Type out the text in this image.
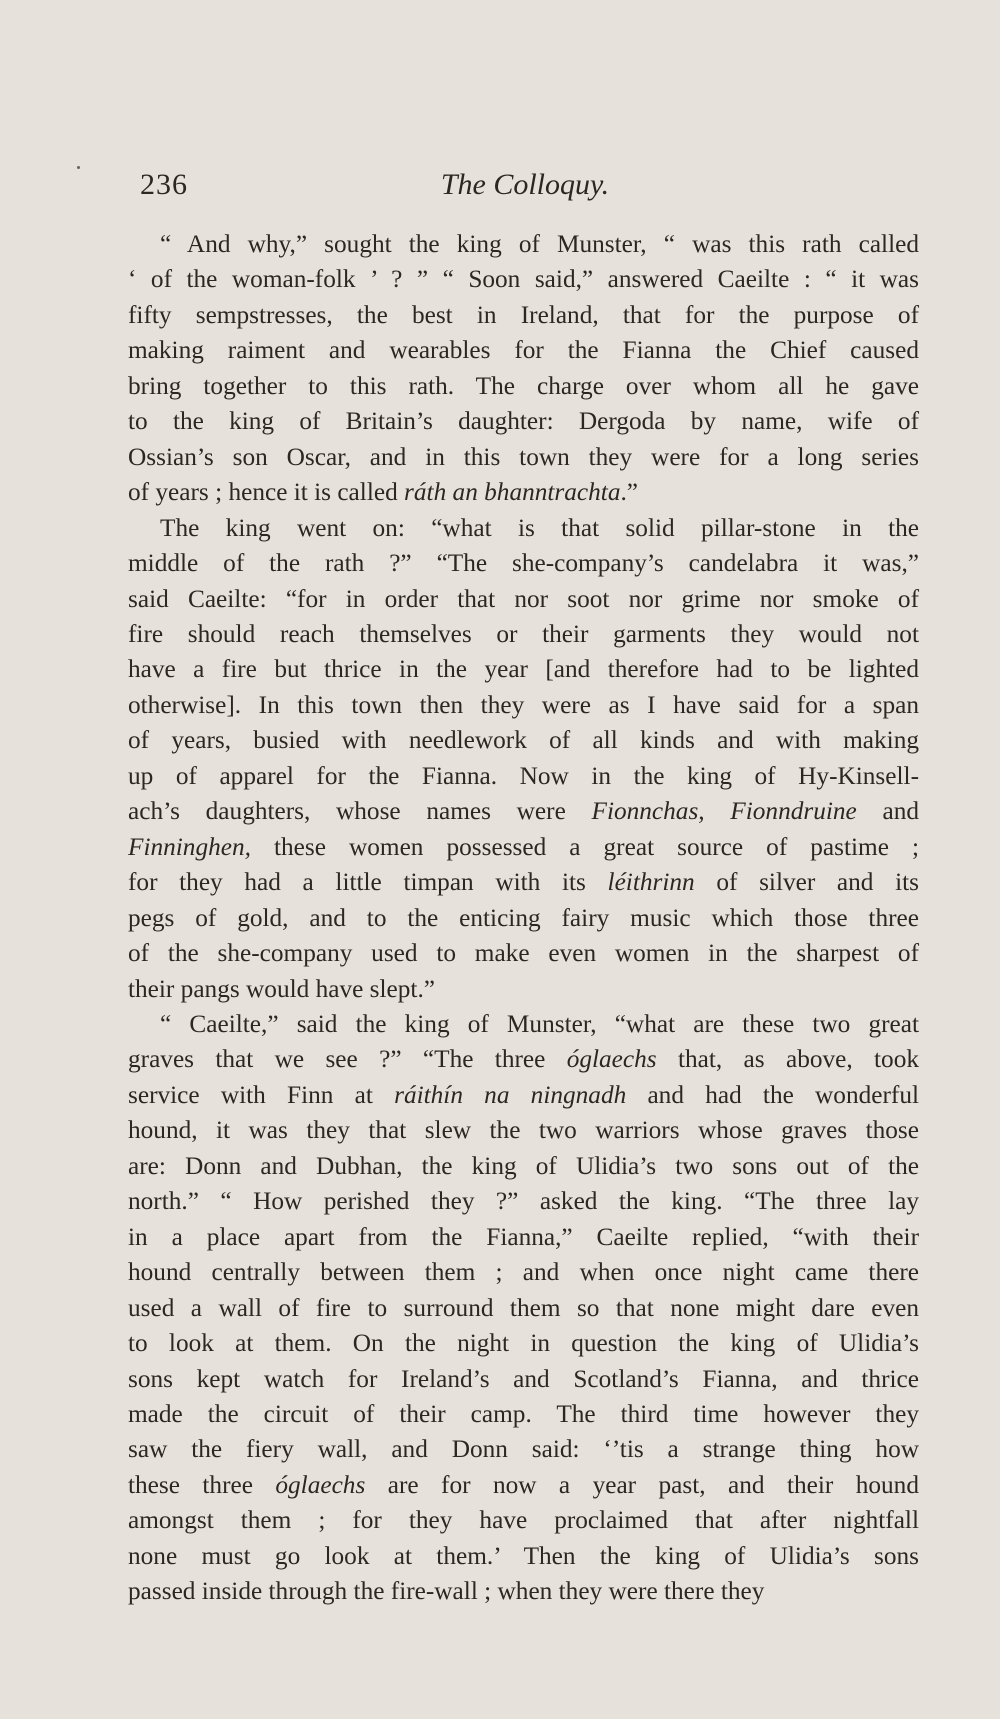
236	The Colloquy.

“ And why,” sought the king of Munster, “ was this rath called
‘ of the woman-folk ’ ? ” “ Soon said,” answered Caeilte : “ it was
fifty sempstresses, the best in Ireland, that for the purpose of
making raiment and wearables for the Fianna the Chief caused
bring together to this rath. The charge over whom all he gave
to the king of Britain’s daughter: Dergoda by name, wife of
Ossian’s son Oscar, and in this town they were for a long series
of years ; hence it is called ráth an bhanntrachta.”

The king went on: “what is that solid pillar-stone in the
middle of the rath ?” “The she-company’s candelabra it was,”
said Caeilte: “for in order that nor soot nor grime nor smoke of
fire should reach themselves or their garments they would not
have a fire but thrice in the year [and therefore had to be lighted
otherwise]. In this town then they were as I have said for a span
of years, busied with needlework of all kinds and with making
up of apparel for the Fianna. Now in the king of Hy-Kinsell-
ach’s daughters, whose names were Fionnchas, Fionndruine and
Finninghen, these women possessed a great source of pastime ;
for they had a little timpan with its léithrinn of silver and its
pegs of gold, and to the enticing fairy music which those three
of the she-company used to make even women in the sharpest of
their pangs would have slept.”

“ Caeilte,” said the king of Munster, “what are these two great
graves that we see ?” “The three óglaechs that, as above, took
service with Finn at ráithín na ningnadh and had the wonderful
hound, it was they that slew the two warriors whose graves those
are: Donn and Dubhan, the king of Ulidia’s two sons out of the
north.” “ How perished they ?” asked the king. “The three lay
in a place apart from the Fianna,” Caeilte replied, “with their
hound centrally between them ; and when once night came there
used a wall of fire to surround them so that none might dare even
to look at them. On the night in question the king of Ulidia’s
sons kept watch for Ireland’s and Scotland’s Fianna, and thrice
made the circuit of their camp. The third time however they
saw the fiery wall, and Donn said: ‘’tis a strange thing how
these three óglaechs are for now a year past, and their hound
amongst them ; for they have proclaimed that after nightfall
none must go look at them.’ Then the king of Ulidia’s sons
passed inside through the fire-wall ; when they were there they
